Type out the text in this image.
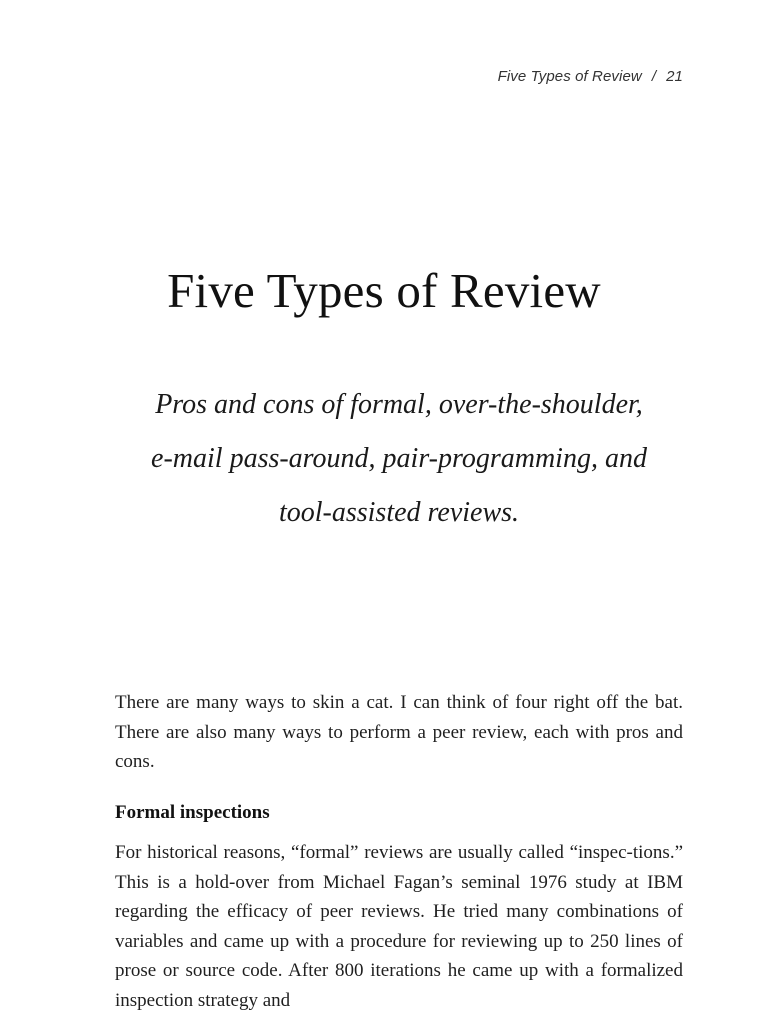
Five Types of Review / 21
Five Types of Review

Pros and cons of formal, over-the-shoulder, e-mail pass-around, pair-programming, and tool-assisted reviews.

There are many ways to skin a cat. I can think of four right off the bat. There are also many ways to perform a peer review, each with pros and cons.

Formal inspections

For historical reasons, “formal” reviews are usually called “inspec-tions.” This is a hold-over from Michael Fagan’s seminal 1976 study at IBM regarding the efficacy of peer reviews. He tried many combinations of variables and came up with a procedure for reviewing up to 250 lines of prose or source code. After 800 iterations he came up with a formalized inspection strategy and
